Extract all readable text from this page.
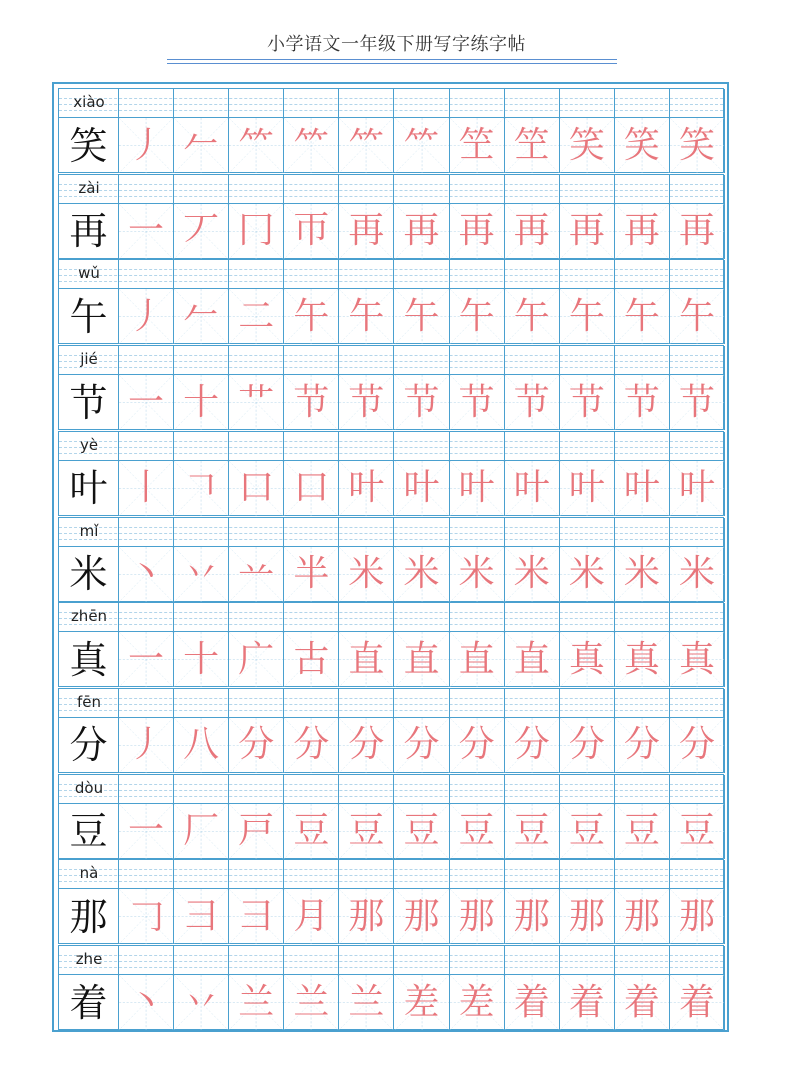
小学语文一年级下册写字练字帖
xiào
笑 丿 𠂉 ⺮ ⺮ ⺮ ⺮ 笁 笁 笑 笑 笑
zài
再 一 丆 冂 帀 再 再 再 再 再 再 再
wǔ
午 丿 𠂉 二 午 午 午 午 午 午 午 午
jié
节 一 十 艹 节 节 节 节 节 节 节 节
yè
叶 丨 𠃍 口 口 叶 叶 叶 叶 叶 叶 叶
mǐ
米 丶 丷 䒑 半 米 米 米 米 米 米 米
zhēn
真 一 十 广 古 直 直 直 直 真 真 真
fēn
分 丿 八 分 分 分 分 分 分 分 分 分
dòu
豆 一 厂 戸 豆 豆 豆 豆 豆 豆 豆 豆
nà
那 𠃌 彐 彐 月 那 那 那 那 那 那 那
zhe
着 丶 丷 兰 兰 兰 差 差 着 着 着 着
